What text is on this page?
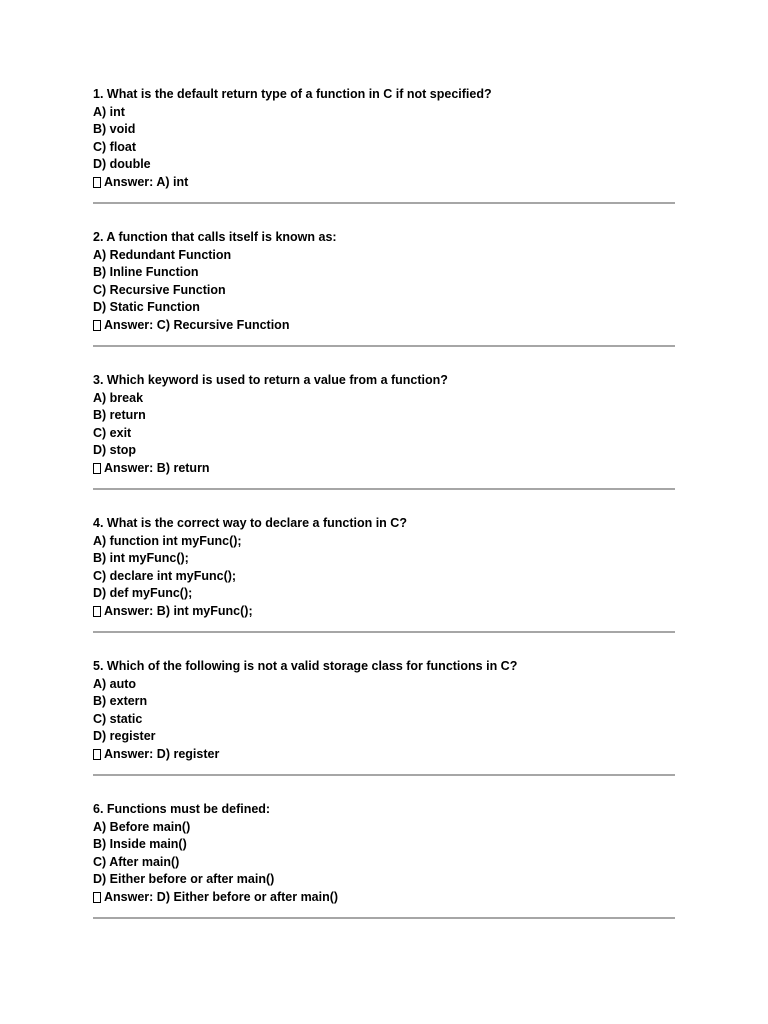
1. What is the default return type of a function in C if not specified?
A) int
B) void
C) float
D) double
Answer: A) int
2. A function that calls itself is known as:
A) Redundant Function
B) Inline Function
C) Recursive Function
D) Static Function
Answer: C) Recursive Function
3. Which keyword is used to return a value from a function?
A) break
B) return
C) exit
D) stop
Answer: B) return
4. What is the correct way to declare a function in C?
A) function int myFunc();
B) int myFunc();
C) declare int myFunc();
D) def myFunc();
Answer: B) int myFunc();
5. Which of the following is not a valid storage class for functions in C?
A) auto
B) extern
C) static
D) register
Answer: D) register
6. Functions must be defined:
A) Before main()
B) Inside main()
C) After main()
D) Either before or after main()
Answer: D) Either before or after main()
